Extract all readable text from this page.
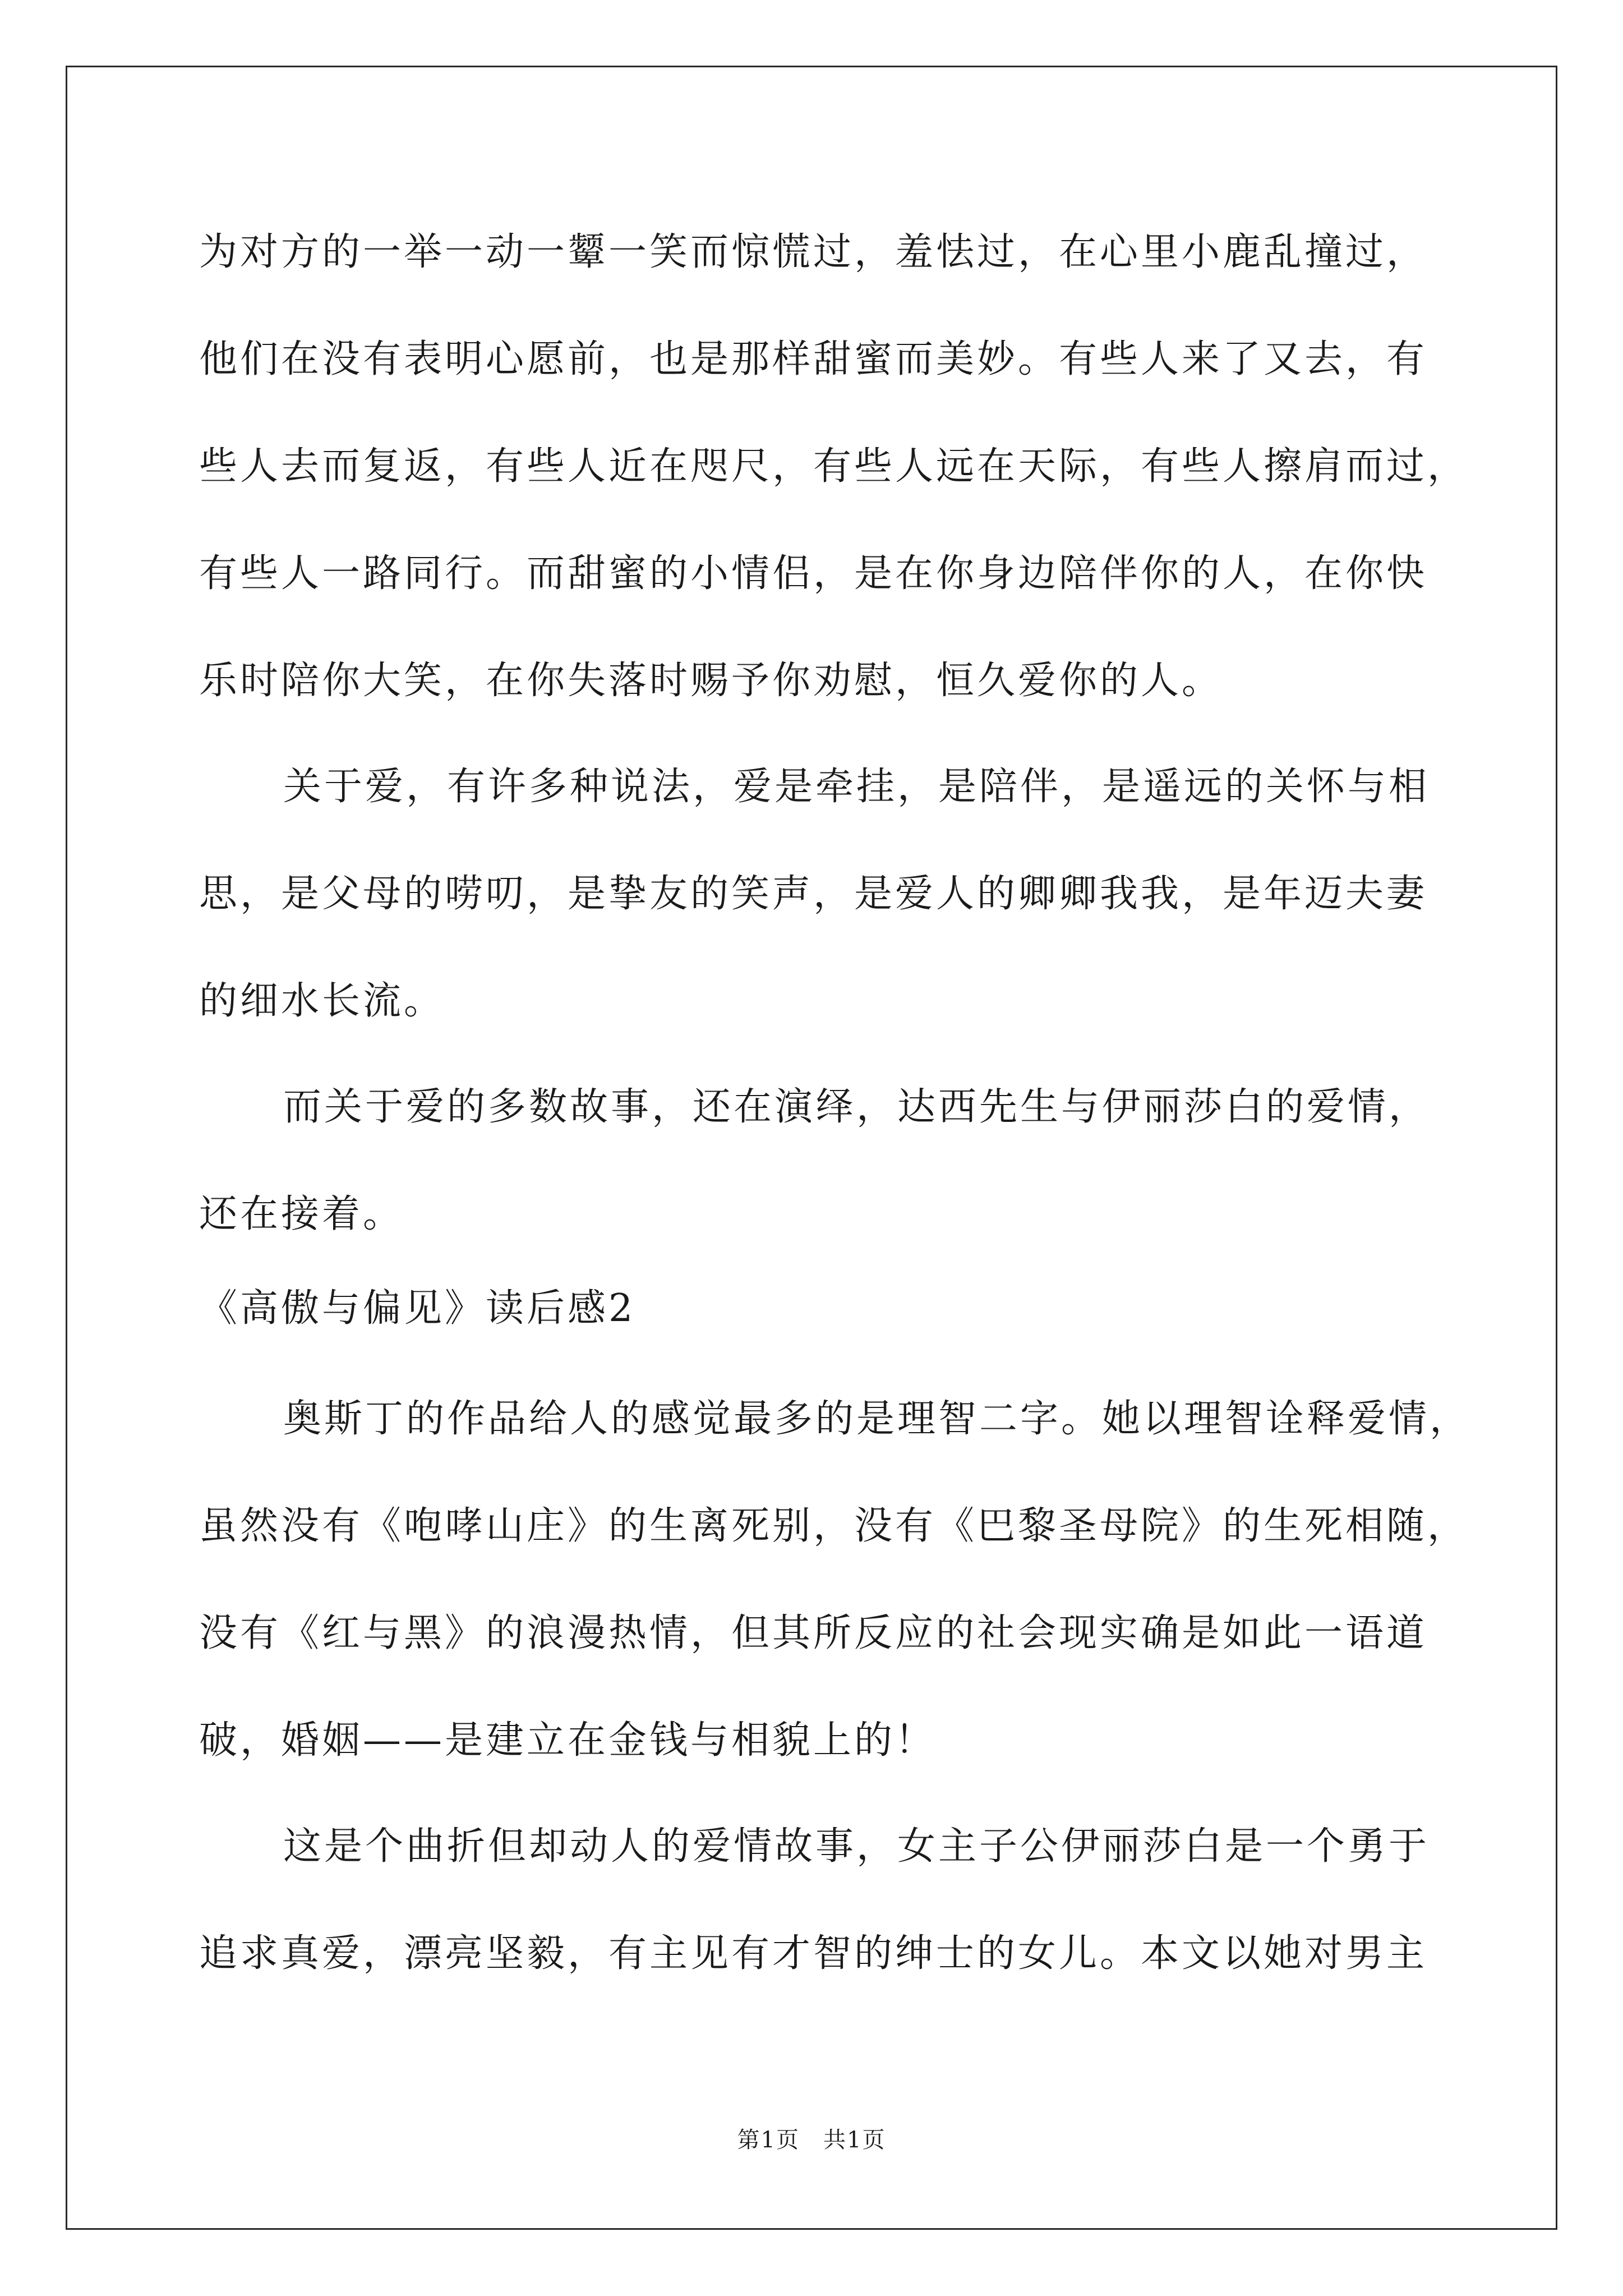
为对方的一举一动一颦一笑而惊慌过，羞怯过，在心里小鹿乱撞过，
他们在没有表明心愿前，也是那样甜蜜而美妙。有些人来了又去，有
些人去而复返，有些人近在咫尺，有些人远在天际，有些人擦肩而过，
有些人一路同行。而甜蜜的小情侣，是在你身边陪伴你的人，在你快
乐时陪你大笑，在你失落时赐予你劝慰，恒久爱你的人。
关于爱，有许多种说法，爱是牵挂，是陪伴，是遥远的关怀与相
思，是父母的唠叨，是挚友的笑声，是爱人的卿卿我我，是年迈夫妻
的细水长流。
而关于爱的多数故事，还在演绎，达西先生与伊丽莎白的爱情，
还在接着。
《高傲与偏见》读后感2
奥斯丁的作品给人的感觉最多的是理智二字。她以理智诠释爱情，
虽然没有《咆哮山庄》的生离死别，没有《巴黎圣母院》的生死相随，
没有《红与黑》的浪漫热情，但其所反应的社会现实确是如此一语道
破，婚姻——是建立在金钱与相貌上的！
这是个曲折但却动人的爱情故事，女主子公伊丽莎白是一个勇于
追求真爱，漂亮坚毅，有主见有才智的绅士的女儿。本文以她对男主
第1页　共1页
